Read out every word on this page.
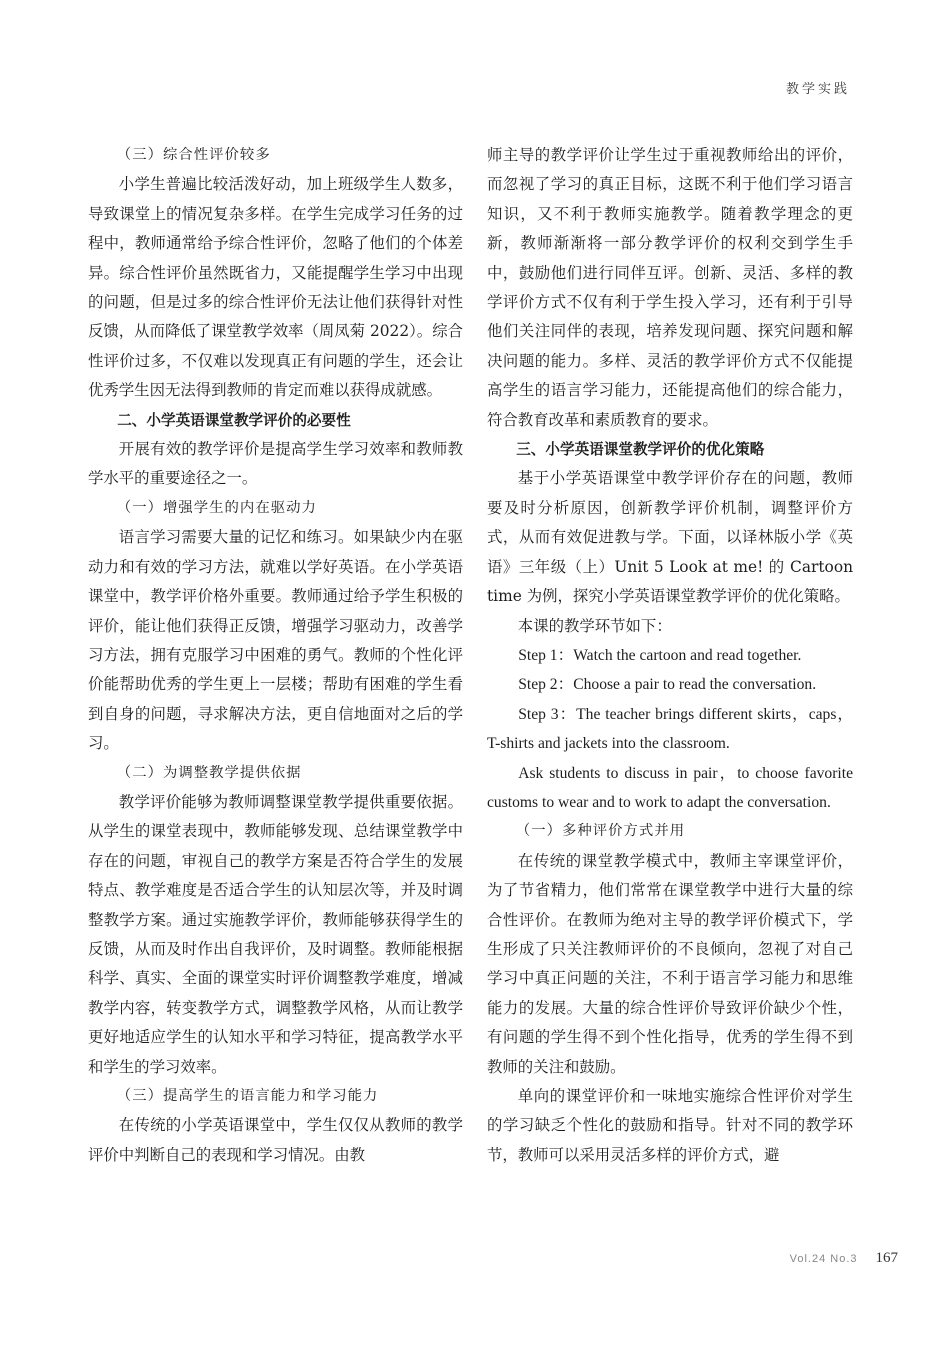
教学实践

（三）综合性评价较多

小学生普遍比较活泼好动，加上班级学生人数多，导致课堂上的情况复杂多样。在学生完成学习任务的过程中，教师通常给予综合性评价，忽略了他们的个体差异。综合性评价虽然既省力，又能提醒学生学习中出现的问题，但是过多的综合性评价无法让他们获得针对性反馈，从而降低了课堂教学效率（周凤菊 2022）。综合性评价过多，不仅难以发现真正有问题的学生，还会让优秀学生因无法得到教师的肯定而难以获得成就感。

二、小学英语课堂教学评价的必要性

开展有效的教学评价是提高学生学习效率和教师教学水平的重要途径之一。

（一）增强学生的内在驱动力

语言学习需要大量的记忆和练习。如果缺少内在驱动力和有效的学习方法，就难以学好英语。在小学英语课堂中，教学评价格外重要。教师通过给予学生积极的评价，能让他们获得正反馈，增强学习驱动力，改善学习方法，拥有克服学习中困难的勇气。教师的个性化评价能帮助优秀的学生更上一层楼；帮助有困难的学生看到自身的问题，寻求解决方法，更自信地面对之后的学习。

（二）为调整教学提供依据

教学评价能够为教师调整课堂教学提供重要依据。从学生的课堂表现中，教师能够发现、总结课堂教学中存在的问题，审视自己的教学方案是否符合学生的发展特点、教学难度是否适合学生的认知层次等，并及时调整教学方案。通过实施教学评价，教师能够获得学生的反馈，从而及时作出自我评价，及时调整。教师能根据科学、真实、全面的课堂实时评价调整教学难度，增减教学内容，转变教学方式，调整教学风格，从而让教学更好地适应学生的认知水平和学习特征，提高教学水平和学生的学习效率。

（三）提高学生的语言能力和学习能力

在传统的小学英语课堂中，学生仅仅从教师的教学评价中判断自己的表现和学习情况。由教

师主导的教学评价让学生过于重视教师给出的评价，而忽视了学习的真正目标，这既不利于他们学习语言知识，又不利于教师实施教学。随着教学理念的更新，教师渐渐将一部分教学评价的权利交到学生手中，鼓励他们进行同伴互评。创新、灵活、多样的教学评价方式不仅有利于学生投入学习，还有利于引导他们关注同伴的表现，培养发现问题、探究问题和解决问题的能力。多样、灵活的教学评价方式不仅能提高学生的语言学习能力，还能提高他们的综合能力，符合教育改革和素质教育的要求。

三、小学英语课堂教学评价的优化策略

基于小学英语课堂中教学评价存在的问题，教师要及时分析原因，创新教学评价机制，调整评价方式，从而有效促进教与学。下面，以译林版小学《英语》三年级（上）Unit 5 Look at me! 的 Cartoon time 为例，探究小学英语课堂教学评价的优化策略。

本课的教学环节如下：

Step 1：Watch the cartoon and read together.

Step 2：Choose a pair to read the conversation.

Step 3：The teacher brings different skirts，caps，T-shirts and jackets into the classroom.

Ask students to discuss in pair，to choose favorite customs to wear and to work to adapt the conversation.

（一）多种评价方式并用

在传统的课堂教学模式中，教师主宰课堂评价，为了节省精力，他们常常在课堂教学中进行大量的综合性评价。在教师为绝对主导的教学评价模式下，学生形成了只关注教师评价的不良倾向，忽视了对自己学习中真正问题的关注，不利于语言学习能力和思维能力的发展。大量的综合性评价导致评价缺少个性，有问题的学生得不到个性化指导，优秀的学生得不到教师的关注和鼓励。

单向的课堂评价和一味地实施综合性评价对学生的学习缺乏个性化的鼓励和指导。针对不同的教学环节，教师可以采用灵活多样的评价方式，避

Vol.24 No.3 167
